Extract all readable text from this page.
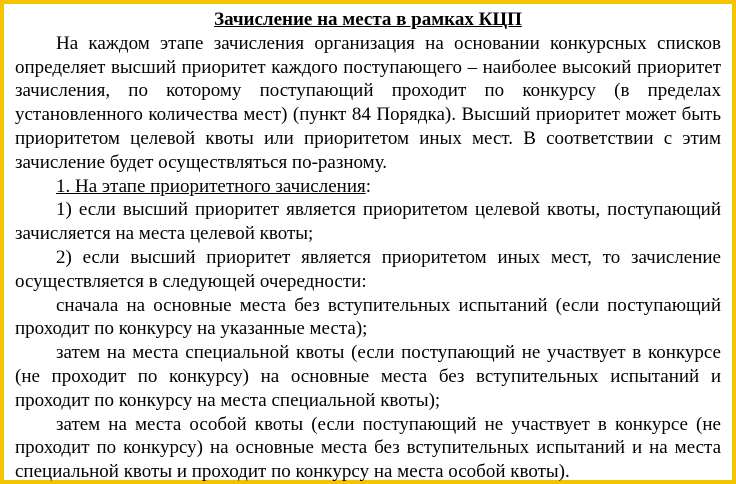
Зачисление на места в рамках КЦП

На каждом этапе зачисления организация на основании конкурсных списков определяет высший приоритет каждого поступающего – наиболее высокий приоритет зачисления, по которому поступающий проходит по конкурсу (в пределах установленного количества мест) (пункт 84 Порядка). Высший приоритет может быть приоритетом целевой квоты или приоритетом иных мест. В соответствии с этим зачисление будет осуществляться по-разному.

1. На этапе приоритетного зачисления:

1) если высший приоритет является приоритетом целевой квоты, поступающий зачисляется на места целевой квоты;

2) если высший приоритет является приоритетом иных мест, то зачисление осуществляется в следующей очередности:

сначала на основные места без вступительных испытаний (если поступающий проходит по конкурсу на указанные места);

затем на места специальной квоты (если поступающий не участвует в конкурсе (не проходит по конкурсу) на основные места без вступительных испытаний и проходит по конкурсу на места специальной квоты);

затем на места особой квоты (если поступающий не участвует в конкурсе (не проходит по конкурсу) на основные места без вступительных испытаний и на места специальной квоты и проходит по конкурсу на места особой квоты).
